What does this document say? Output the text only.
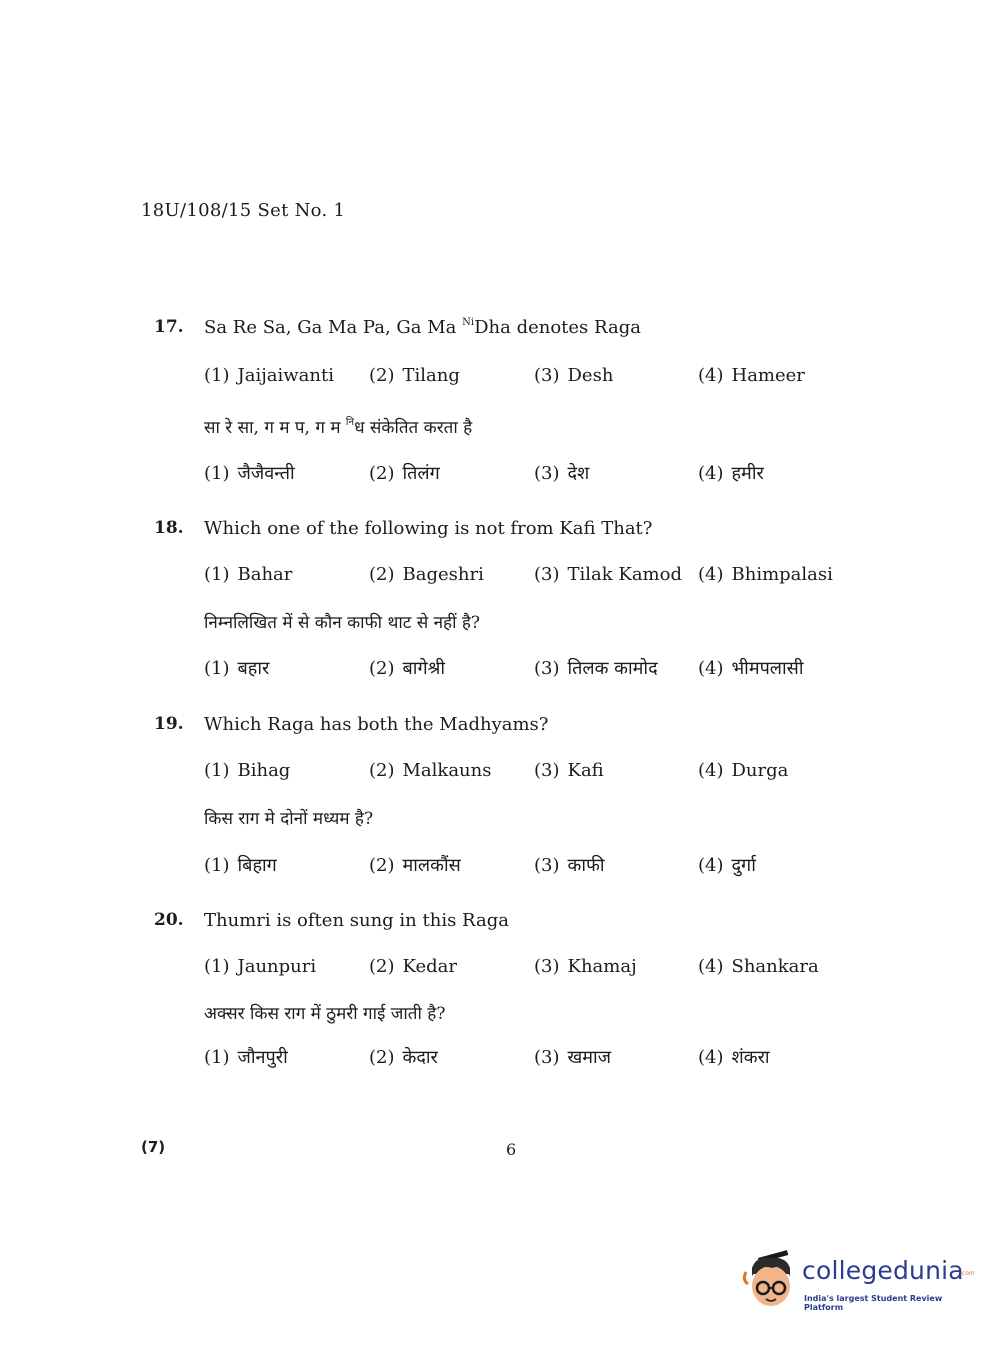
18U/108/15 Set No. 1
17. Sa Re Sa, Ga Ma Pa, Ga Ma $^{Ni}$Dha denotes Raga
(1) Jaijaiwanti (2) Tilang	(3) Desh	(4) Hameer
सा रे सा, ग म प, ग म $^{नि}$ध संकेतित करता है
(1) जैजैवन्ती	(2) तिलंग	(3) देश	(4) हमीर
18. Which one of the following is not from Kafi That?
(1) Bahar	(2) Bageshri	(3) Tilak Kamod (4) Bhimpalasi
निम्नलिखित में से कौन काफी थाट से नहीं है?
(1) बहार	(2) बागेश्री	(3) तिलक कामोद (4) भीमपलासी
19. Which Raga has both the Madhyams?
(1) Bihag	(2) Malkauns (3) Kafi	(4) Durga
किस राग मे दोनों मध्यम है?
(1) बिहाग	(2) मालकौंस	(3) काफी	(4) दुर्गा
20. Thumri is often sung in this Raga
(1) Jaunpuri	(2) Kedar	(3) Khamaj	(4) Shankara
अक्सर किस राग में ठुमरी गाई जाती है?
(1) जौनपुरी	(2) केदार	(3) खमाज	(4) शंकरा
(7)	6
collegedunia
.com
India's largest Student Review Platform
